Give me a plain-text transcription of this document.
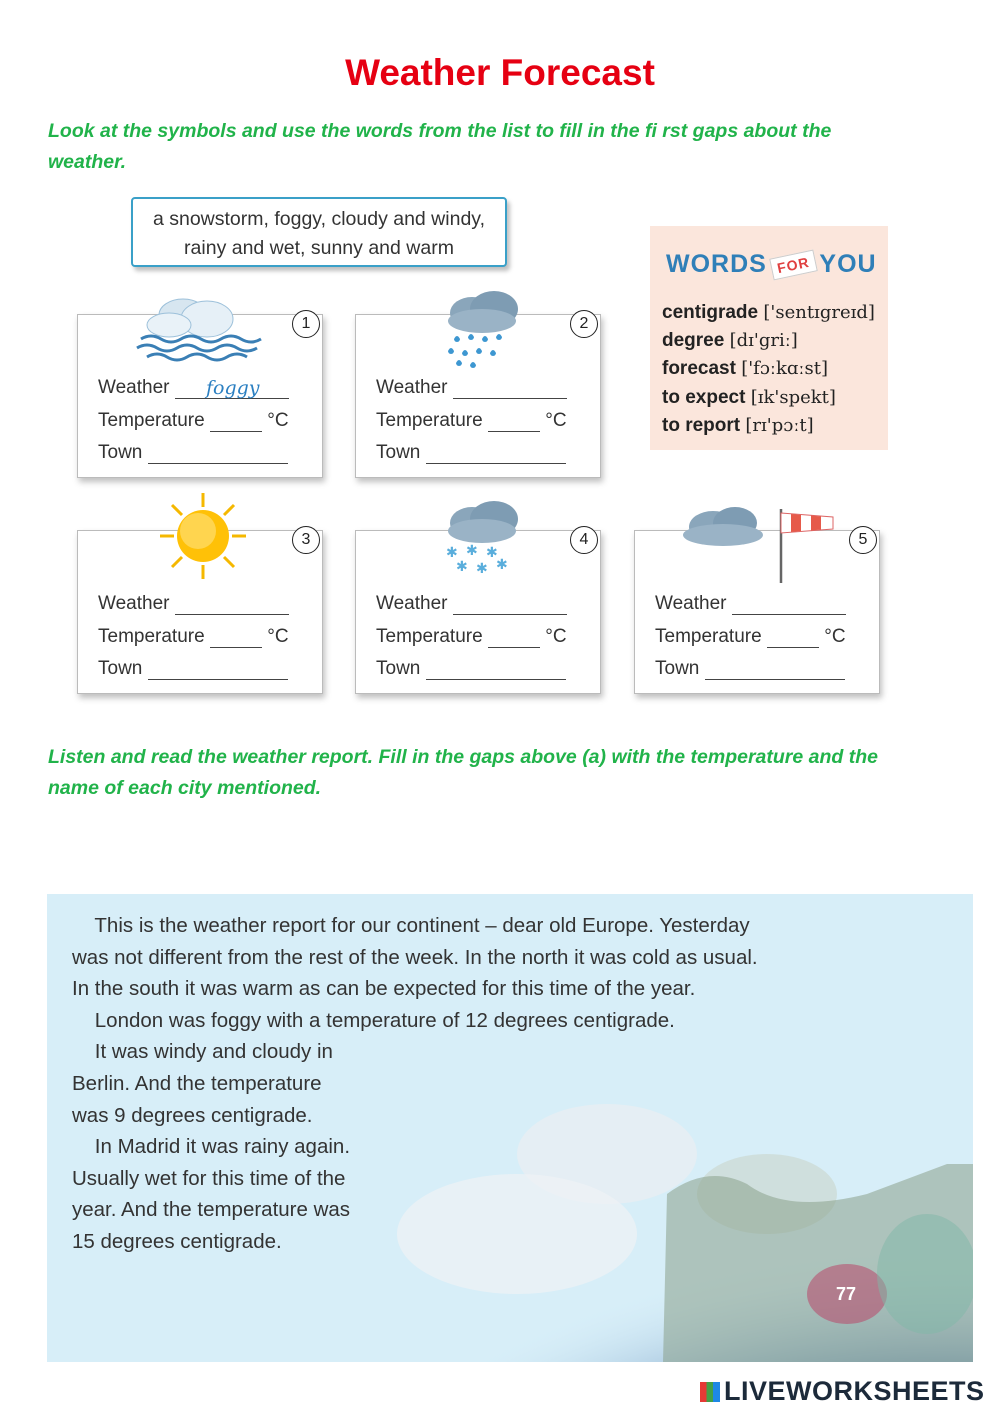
Weather Forecast
Look at the symbols and use the words from the list to fill in the fi rst gaps about the
weather.
a snowstorm, foggy, cloudy and windy,
rainy and wet, sunny and warm
1
Weather	foggy
Temperature	°C
Town
2
Weather
Temperature	°C
Town
WORDS FOR YOU
centigrade ['sentɪgreɪd]
degree [dɪ'griː]
forecast ['fɔːkɑːst]
to expect [ɪk'spekt]
to report [rɪ'pɔːt]
3
Weather
Temperature	°C
Town
✱ ✱ ✱
✱ ✱ ✱
4
Weather
Temperature	°C
Town
5
Weather
Temperature	°C
Town
Listen and read the weather report. Fill in the gaps above (a) with the temperature and the
name of each city mentioned.
This is the weather report for our continent – dear old Europe. Yesterday
was not different from the rest of the week. In the north it was cold as usual.
In the south it was warm as can be expected for this time of the year.
London was foggy with a temperature of 12 degrees centigrade.
It was windy and cloudy in
Berlin. And the temperature
was 9 degrees centigrade.
In Madrid it was rainy again.
Usually wet for this time of the
year. And the temperature was
15 degrees centigrade.
77
LIVEWORKSHEETS
